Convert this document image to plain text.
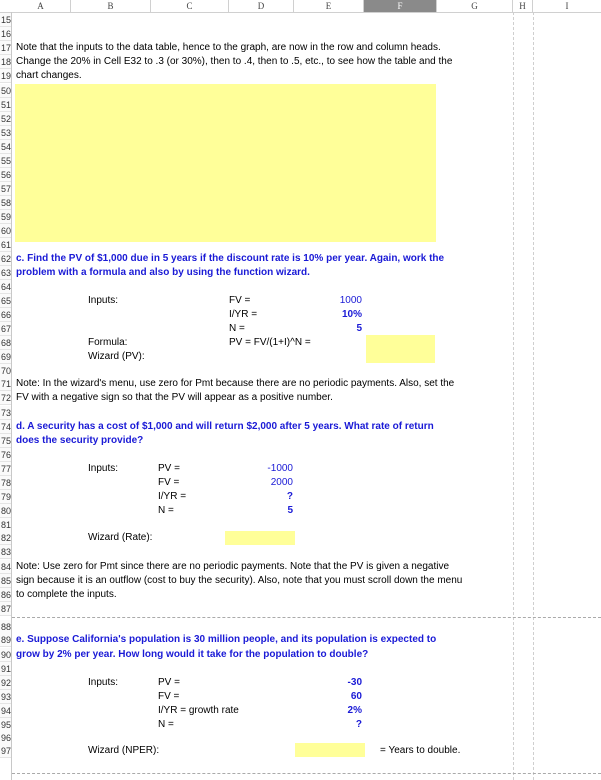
A	B	C	D	E	F	G	H	I
15
16
17
18
19
50
51
52
53
54
55
56
57
58
59
60
61
62
63
64
65
66
67
68
69
70
71
72
73
74
75
76
77
78
79
80
81
82
83
84
85
86
87
88
89
90
91
92
93
94
95
96
97
Note that the inputs to the data table, hence to the graph, are now in the row and column heads.
Change the 20% in Cell E32 to .3 (or 30%), then to .4, then to .5, etc., to see how the table and the
chart changes.
c. Find the PV of $1,000 due in 5 years if the discount rate is 10% per year. Again, work the
problem with a formula and also by using the function wizard.
Inputs:	FV =	1000
I/YR =	10%
N =	5
Formula:	PV = FV/(1+I)^N =
Wizard (PV):
Note: In the wizard's menu, use zero for Pmt because there are no periodic payments. Also, set the
FV with a negative sign so that the PV will appear as a positive number.
d. A security has a cost of $1,000 and will return $2,000 after 5 years. What rate of return
does the security provide?
Inputs:	PV =	-1000
FV =	2000
I/YR =	?
N =	5
Wizard (Rate):
Note: Use zero for Pmt since there are no periodic payments. Note that the PV is given a negative
sign because it is an outflow (cost to buy the security). Also, note that you must scroll down the menu
to complete the inputs.
e. Suppose California's population is 30 million people, and its population is expected to
grow by 2% per year. How long would it take for the population to double?
Inputs:	PV =	-30
FV =	60
I/YR = growth rate	2%
N =	?
Wizard (NPER):	= Years to double.
